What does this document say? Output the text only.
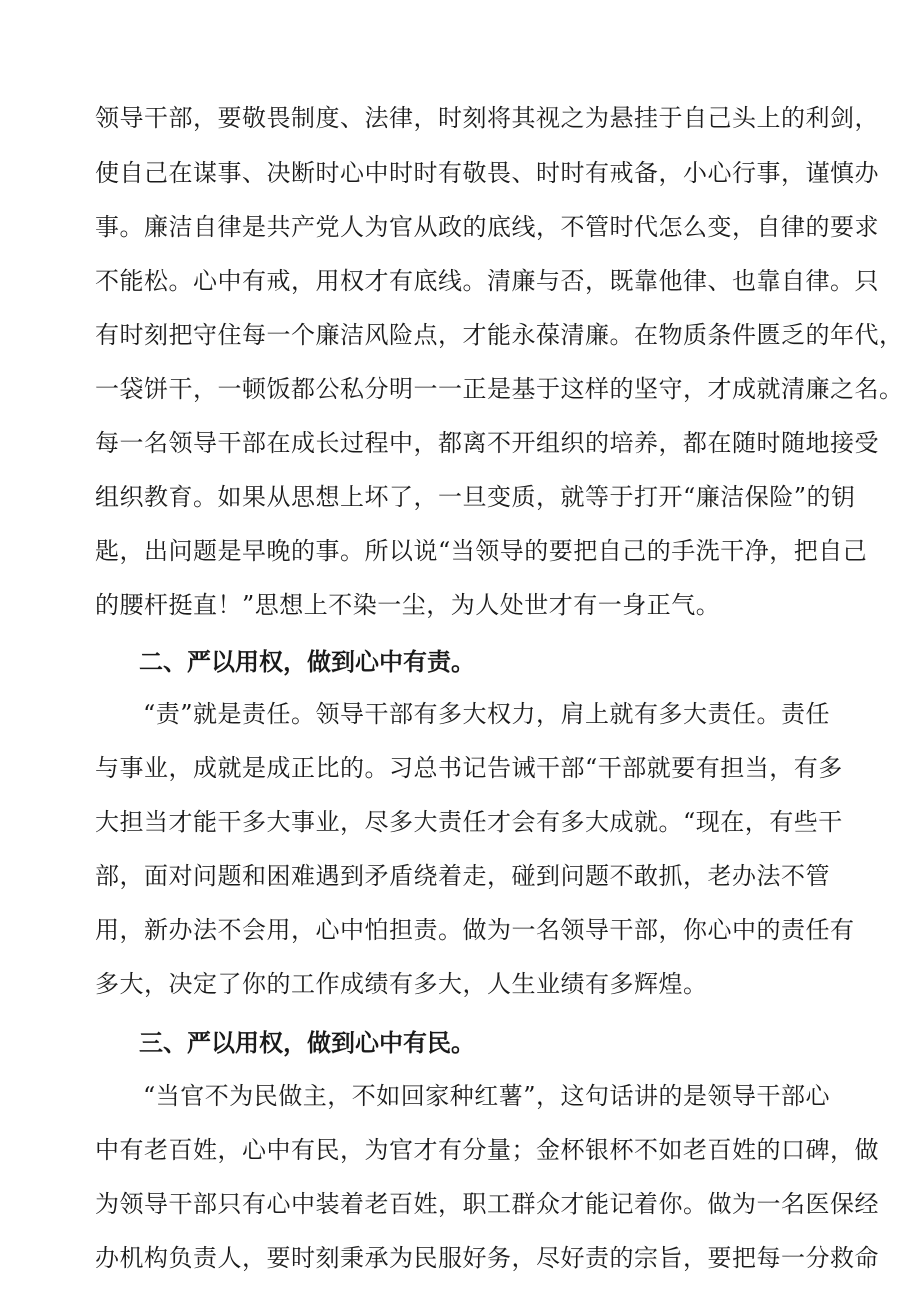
领导干部，要敬畏制度、法律，时刻将其视之为悬挂于自己头上的利剑，
使自己在谋事、决断时心中时时有敬畏、时时有戒备，小心行事，谨慎办
事。廉洁自律是共产党人为官从政的底线，不管时代怎么变，自律的要求
不能松。心中有戒，用权才有底线。清廉与否，既靠他律、也靠自律。只
有时刻把守住每一个廉洁风险点，才能永葆清廉。在物质条件匮乏的年代，
一袋饼干，一顿饭都公私分明一一正是基于这样的坚守，才成就清廉之名。
每一名领导干部在成长过程中，都离不开组织的培养，都在随时随地接受
组织教育。如果从思想上坏了，一旦变质，就等于打开“廉洁保险”的钥
匙，出问题是早晚的事。所以说“当领导的要把自己的手洗干净，把自己
的腰杆挺直！”思想上不染一尘，为人处世才有一身正气。
二、严以用权，做到心中有责。
“责”就是责任。领导干部有多大权力，肩上就有多大责任。责任
与事业，成就是成正比的。习总书记告诫干部“干部就要有担当，有多
大担当才能干多大事业，尽多大责任才会有多大成就。“现在，有些干
部，面对问题和困难遇到矛盾绕着走，碰到问题不敢抓，老办法不管
用，新办法不会用，心中怕担责。做为一名领导干部，你心中的责任有
多大，决定了你的工作成绩有多大，人生业绩有多辉煌。
三、严以用权，做到心中有民。
“当官不为民做主，不如回家种红薯”，这句话讲的是领导干部心
中有老百姓，心中有民，为官才有分量；金杯银杯不如老百姓的口碑，做
为领导干部只有心中装着老百姓，职工群众才能记着你。做为一名医保经
办机构负责人，要时刻秉承为民服好务，尽好责的宗旨，要把每一分救命
